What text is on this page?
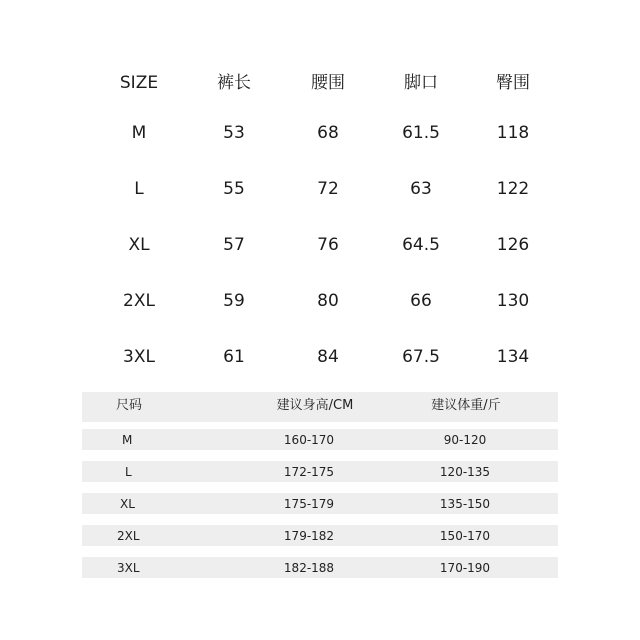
SIZE	裤长	腰围	脚口	臀围
M	53	68	61.5	118
L	55	72	63	122
XL	57	76	64.5	126
2XL	59	80	66	130
3XL	61	84	67.5	134
尺码	建议身高/CM	建议体重/斤
M	160-170	90-120
L	172-175	120-135
XL	175-179	135-150
2XL	179-182	150-170
3XL	182-188	170-190
